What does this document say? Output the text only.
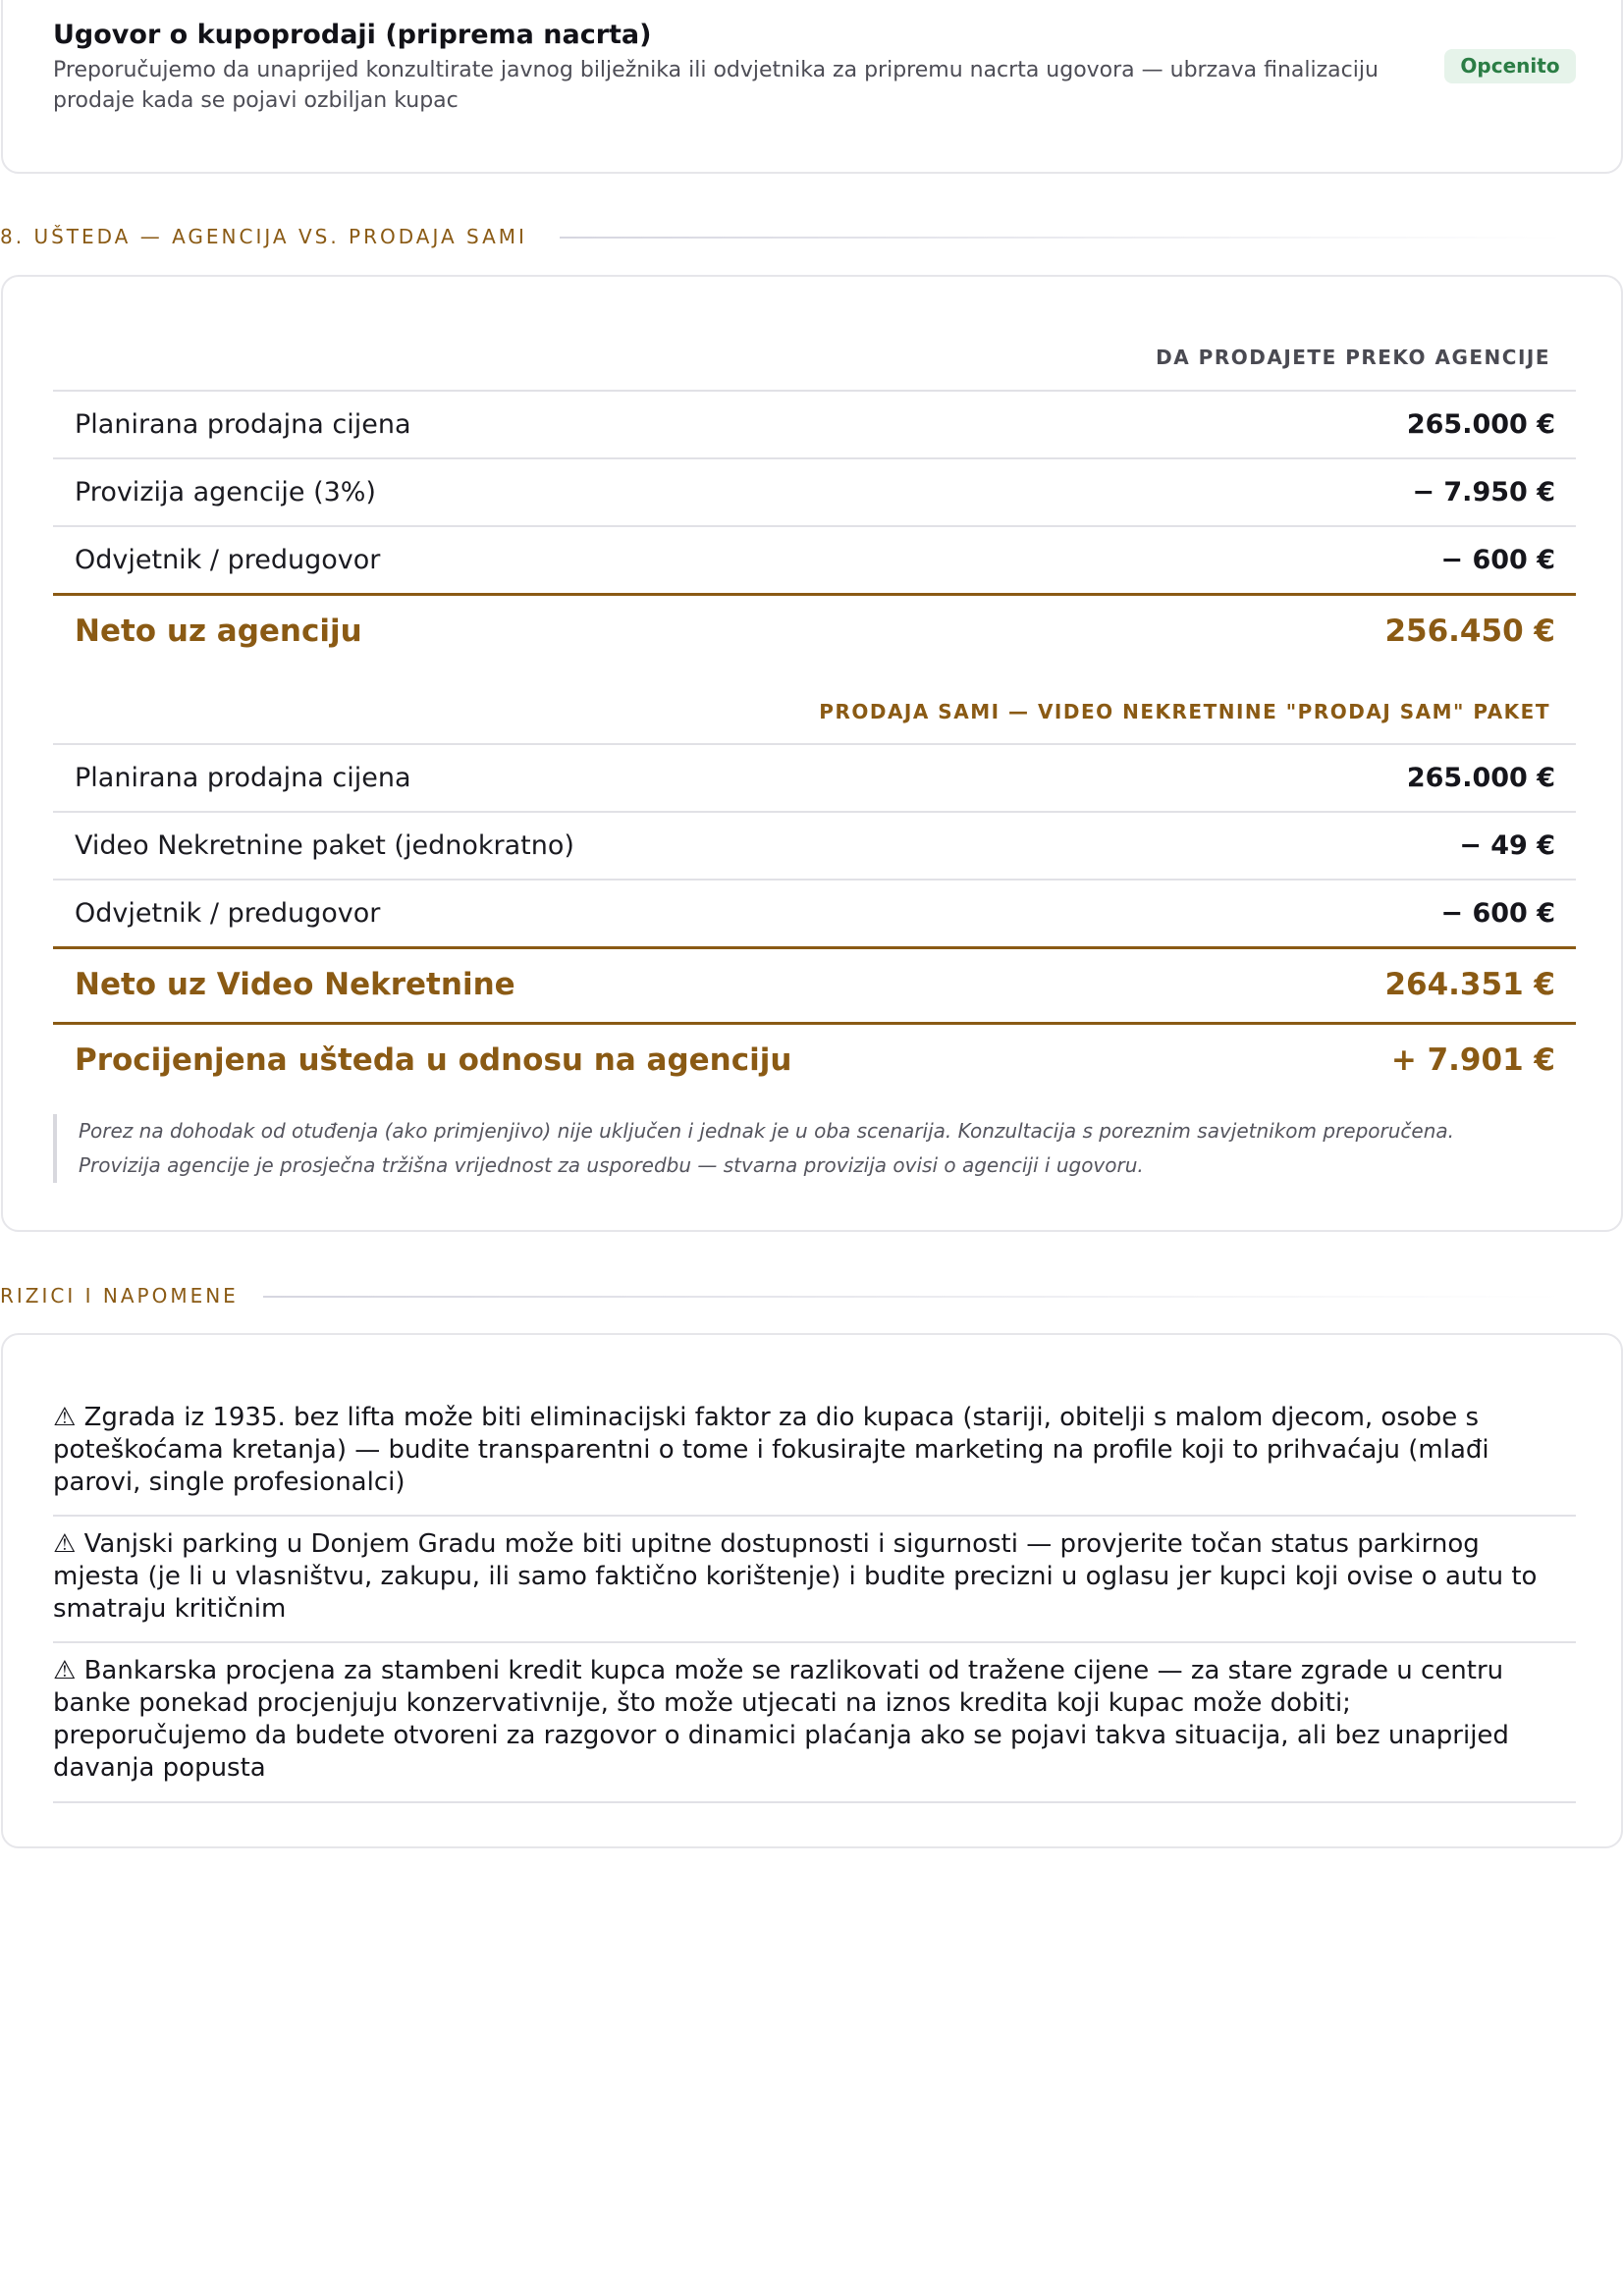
Ugovor o kupoprodaji (priprema nacrta)
Preporučujemo da unaprijed konzultirate javnog bilježnika ili odvjetnika za pripremu nacrta ugovora — ubrzava finalizaciju prodaje kada se pojavi ozbiljan kupac
Opcenito
8. UŠTEDA — AGENCIJA VS. PRODAJA SAMI
DA PRODAJETE PREKO AGENCIJE
Planirana prodajna cijena	265.000 €
Provizija agencije (3%)	− 7.950 €
Odvjetnik / predugovor	− 600 €
Neto uz agenciju	256.450 €
PRODAJA SAMI — VIDEO NEKRETNINE "PRODAJ SAM" PAKET
Planirana prodajna cijena	265.000 €
Video Nekretnine paket (jednokratno)	− 49 €
Odvjetnik / predugovor	− 600 €
Neto uz Video Nekretnine	264.351 €
Procijenjena ušteda u odnosu na agenciju	+ 7.901 €
Porez na dohodak od otuđenja (ako primjenjivo) nije uključen i jednak je u oba scenarija. Konzultacija s poreznim savjetnikom preporučena.
Provizija agencije je prosječna tržišna vrijednost za usporedbu — stvarna provizija ovisi o agenciji i ugovoru.
RIZICI I NAPOMENE
⚠ Zgrada iz 1935. bez lifta može biti eliminacijski faktor za dio kupaca (stariji, obitelji s malom djecom, osobe s
poteškoćama kretanja) — budite transparentni o tome i fokusirajte marketing na profile koji to prihvaćaju (mlađi
parovi, single profesionalci)
⚠ Vanjski parking u Donjem Gradu može biti upitne dostupnosti i sigurnosti — provjerite točan status parkirnog
mjesta (je li u vlasništvu, zakupu, ili samo faktično korištenje) i budite precizni u oglasu jer kupci koji ovise o autu to
smatraju kritičnim
⚠ Bankarska procjena za stambeni kredit kupca može se razlikovati od tražene cijene — za stare zgrade u centru
banke ponekad procjenjuju konzervativnije, što može utjecati na iznos kredita koji kupac može dobiti;
preporučujemo da budete otvoreni za razgovor o dinamici plaćanja ako se pojavi takva situacija, ali bez unaprijed
davanja popusta
